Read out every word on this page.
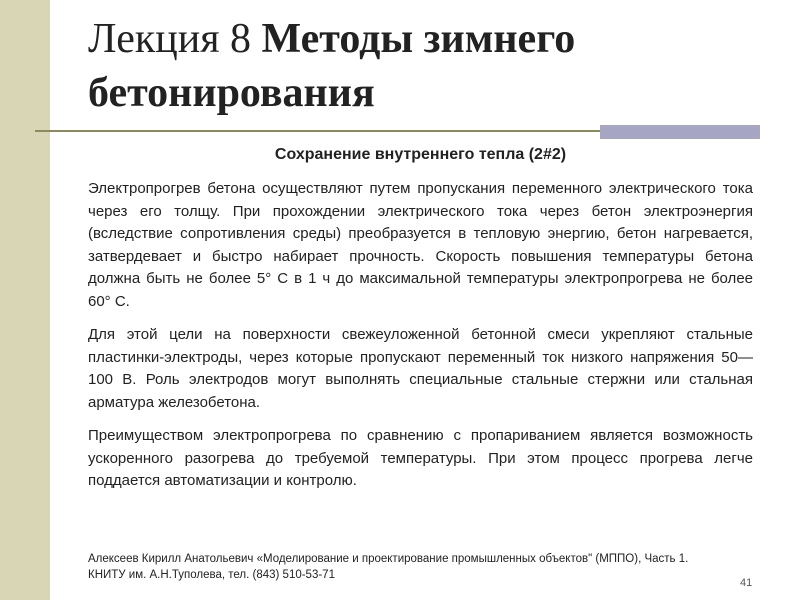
Лекция 8 Методы зимнего бетонирования
Сохранение внутреннего тепла (2#2)

Электропрогрев бетона осуществляют путем пропускания переменного электрического тока через его толщу. При прохождении электрического тока через бетон электроэнергия (вследствие сопротивления среды) преобразуется в тепловую энергию, бетон нагревается, затвердевает и быстро набирает прочность. Скорость повышения температуры бетона должна быть не более 5° С в 1 ч до максимальной температуры электропрогрева не более 60° С.

Для этой цели на поверхности свежеуложенной бетонной смеси укрепляют стальные пластинки-электроды, через которые пропускают переменный ток низкого напряжения 50—100 В. Роль электродов могут выполнять специальные стальные стержни или стальная арматура железобетона.

Преимуществом электропрогрева по сравнению с пропариванием является возможность ускоренного разогрева до требуемой температуры. При этом процесс прогрева легче поддается автоматизации и контролю.

Алексеев Кирилл Анатольевич «Моделирование и проектирование промышленных объектов" (МППО), Часть 1.
КНИТУ им. А.Н.Туполева, тел. (843) 510-53-71
41
